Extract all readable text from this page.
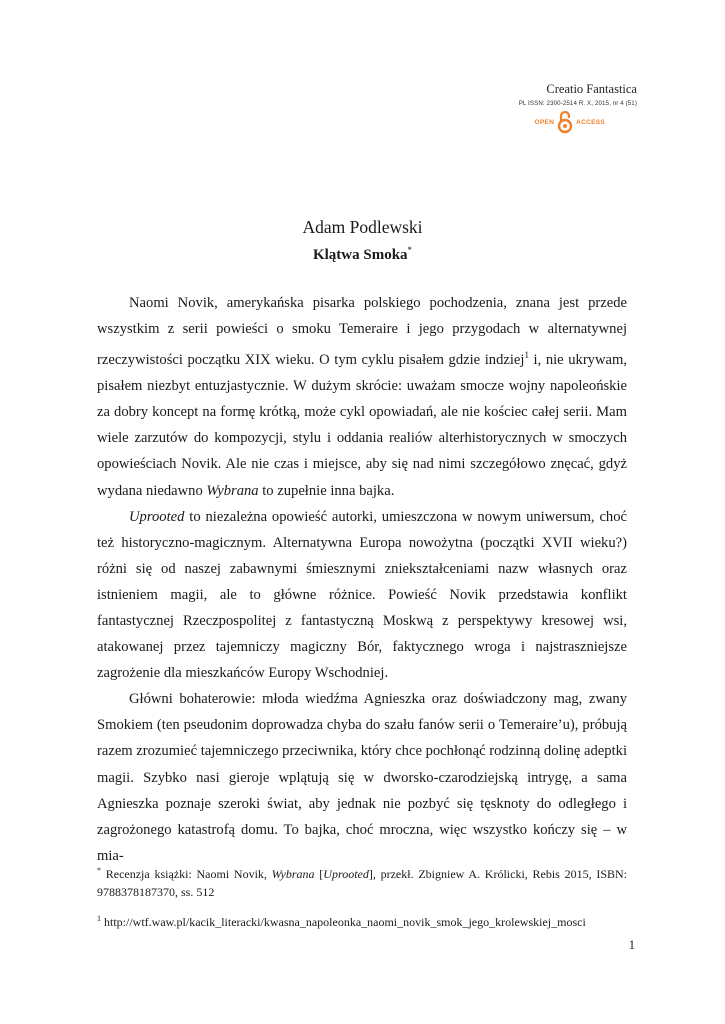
Creatio Fantastica
PL ISSN: 2300-2514 R. X, 2015, nr 4 (51)
OPEN	ACCESS
Adam Podlewski
Klątwa Smoka*

Naomi Novik, amerykańska pisarka polskiego pochodzenia, znana jest przede wszystkim z serii powieści o smoku Temeraire i jego przygodach w alternatywnej rzeczywistości początku XIX wieku. O tym cyklu pisałem gdzie indziej$^1$ i, nie ukrywam, pisałem niezbyt entuzjastycznie. W dużym skrócie: uważam smocze wojny napoleońskie za dobry koncept na formę krótką, może cykl opowiadań, ale nie kościec całej serii. Mam wiele zarzutów do kompozycji, stylu i oddania realiów alterhistorycznych w smoczych opowieściach Novik. Ale nie czas i miejsce, aby się nad nimi szczegółowo znęcać, gdyż wydana niedawno Wybrana to zupełnie inna bajka.

Uprooted to niezależna opowieść autorki, umieszczona w nowym uniwersum, choć też historyczno-magicznym. Alternatywna Europa nowożytna (początki XVII wieku?) różni się od naszej zabawnymi śmiesznymi zniekształceniami nazw własnych oraz istnieniem magii, ale to główne różnice. Powieść Novik przedstawia konflikt fantastycznej Rzeczpospolitej z fantastyczną Moskwą z perspektywy kresowej wsi, atakowanej przez tajemniczy magiczny Bór, faktycznego wroga i najstraszniejsze zagrożenie dla mieszkańców Europy Wschodniej.

Główni bohaterowie: młoda wiedźma Agnieszka oraz doświadczony mag, zwany Smokiem (ten pseudonim doprowadza chyba do szału fanów serii o Temeraire’u), próbują razem zrozumieć tajemniczego przeciwnika, który chce pochłonąć rodzinną dolinę adeptki magii. Szybko nasi gieroje wplątują się w dworsko-czarodziejską intrygę, a sama Agnieszka poznaje szeroki świat, aby jednak nie pozbyć się tęsknoty do odległego i zagrożonego katastrofą domu. To bajka, choć mroczna, więc wszystko kończy się – w mia-

* Recenzja książki: Naomi Novik, Wybrana [Uprooted], przekł. Zbigniew A. Królicki, Rebis 2015, ISBN: 9788378187370, ss. 512
$^1$ http://wtf.waw.pl/kacik_literacki/kwasna_napoleonka_naomi_novik_smok_jego_krolewskiej_mosci
1
